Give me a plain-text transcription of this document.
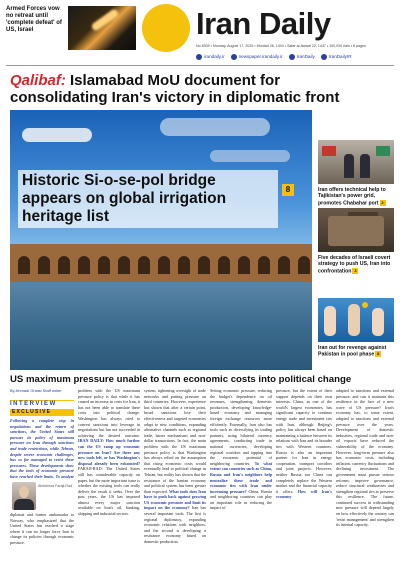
Armed Forces vow no retreat until 'complete defeat' of US, Israel	Iran Daily
No 8309 • Monday, August 17, 2025 • Mordad 26, 1404 • Safar al-Awwal 22, 1447 • 100,000 rials • 8 pages
irandaily.ir	newspaper.irandaily.ir	IranDaily	IranDailyIR
Qalibaf: Islamabad MoU document for
consolidating Iran's victory in diplomatic front
Historic Si-o-se-pol bridge appears on global irrigation heritage list
8	Iran offers technical help to Tajikistan's power grid, promotes Chabahar port 2
Five decades of Israeli covert strategy to push US, Iran into confrontation 3
Iran out for revenge against Pakistan in pool phase 8
US maximum pressure unable to turn economic costs into political change
By Ahmadi Ghiasi Staff writer
INTERVIEW
EXCLUSIVE
Following a complete stop in negotiations and the return of sanctions, the United States still pursues its policy of maximum pressure on Iran through sanctions and trade restrictions, while Tehran, despite severe economic challenges, has so far managed to resist these pressures. These developments show that the tools of economic pressure have reached their limits. To analyze
Abdolreza Faraji-Rad
diplomat and former ambassador to Norway, who emphasized that the United States has reached a stage where it can no longer force Iran to change its policies through economic pressure.
problem with the US maximum pressure policy is that while it has caused an increase in costs for Iran, it has not been able to translate these costs into political change. Washington has always tried to convert sanctions into leverage in negotiations but has not succeeded in achieving the desired outcome. IRAN DAILY: How much further can the US ramp up economic pressure on Iran? Are there any new tools left, or has Washington's disposal already been exhausted? FARAJI-RAD: The United States still has considerable capacity on paper, but the more important issue is whether the existing tools can really deliver the result it seeks. Over the past years, the US has imposed almost every major sanction available on Iran's oil, banking, shipping and industrial sectors.
system, tightening oversight of trade networks and putting pressure on third countries. However, experience has shown that after a certain point, broad sanctions lose their effectiveness and targeted economies adapt to new conditions, expanding alternative channels such as regional trade, barter mechanisms and non-dollar transactions. In fact, the main problem with the US maximum pressure policy is that Washington has always relied on the assumption that rising economic costs would eventually lead to political change in Tehran, but reality has shown that the resistance of the Iranian economy and political system has been greater than expected. What tools does Iran have to push back against growing US economic pressure and limit its impact on the economy? Iran has several important tools. The first is regional diplomacy, expanding economic relations with neighbors, and the second is developing a resistance economy based on domestic production.
Setting economic pressure, reducing the budget's dependence on oil revenues, strengthening domestic production, developing knowledge-based economy and managing foreign exchange resources more efficiently. Externally, Iran also has tools such as diversifying its trading partners, using bilateral currency agreements, conducting trade in national currencies, developing regional corridors and tapping into the economic potential of neighboring countries. To what extent can countries such as China, Russia and Iran's neighbors help neutralize these trade and economic ties with Iran under increasing pressure? China, Russia and neighboring countries can play an important role in reducing the impact of
pressure, but the extent of their support depends on their own interests. China, as one of the world's largest economies, has significant capacity to continue energy trade and investment ties with Iran, although Beijing's policy has always been based on maintaining a balance between its relations with Iran and its broader ties with Western countries. Russia is also an important partner for Iran in energy cooperation, transport corridors and joint projects. However, neither Russia nor China can completely replace the Western market and the financial capacity it offers. How will Iran's economy
adapted to sanctions and external pressure, and can it maintain this resilience in the face of a new wave of US pressure? Iran's economy has, to some extent, adapted to sanctions and external pressure over the years. Development of domestic industries, regional trade and non-oil exports have reduced the vulnerability of the economy. However, long-term pressure also has economic costs, including inflation, currency fluctuations and declining investment. The government must pursue serious reforms, improve governance, reduce structural weaknesses and strengthen regional ties to preserve this resilience. The future, continued success in withstanding new pressure will depend largely on how effectively the country can 'resist management' and strengthen its internal capacity.
